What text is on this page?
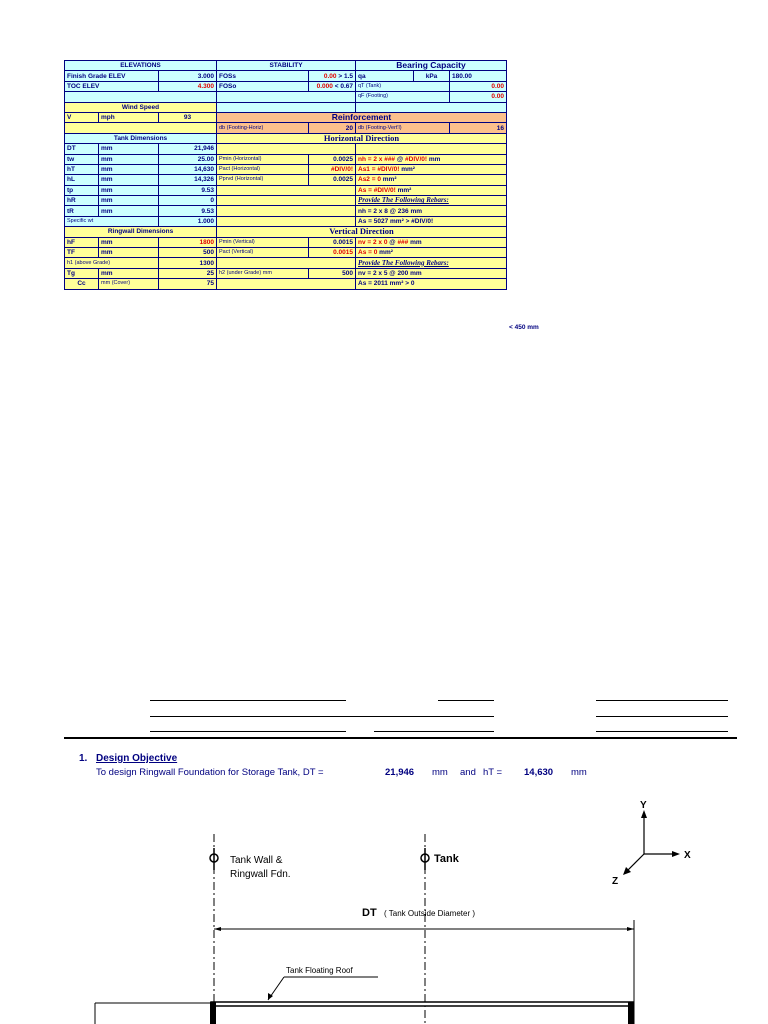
ELEVATIONS			STABILITY		Bearing Capacity		
Finish Grade ELEV		3.000	FOSs	0.00 > 1.5	qa	kPa	180.00
TOC ELEV		4.300	FOSo	0.000 < 0.67	qT (Tank)		0.00
					qF (Footing)		0.00
Wind Speed							
V	mph	93	Reinforcement				
			db (Footing-Horiz)	20	db (Footing-Vert'l)		16
Tank Dimensions			Horizontal Direction				
DT	mm	21,946					
tw	mm	25.00	Pmin (Horizontal)	0.0025	nh = 2 x ### @ #DIV/0! mm		
hT	mm	14,630	Pact (Horizontal)	#DIV/0!	As1 = #DIV/0! mm²		
hL	mm	14,326	Pprvd (Horizontal)	0.0025	As2 = 0 mm²		
tp	mm	9.53			As = #DIV/0! mm²		
hR	mm	0			Provide The Following Rebars:		
tR	mm	9.53			nh = 2 x 8 @ 236 mm		
Specific wt		1.000			As = 5027 mm² > #DIV/0!		
Ringwall Dimensions			Vertical Direction				
hF	mm	1800	Pmin (Vertical)	0.0015	nv = 2 x 0 @ ### mm		
TF	mm	500	Pact (Vertical)	0.0015	As = 0 mm²		
h1 (above Grade)		1300			Provide The Following Rebars:		
Tg	mm	25	h2 (under Grade) mm	500	nv = 2 x 5 @ 200 mm		
Cc	mm (Cover)	75			As = 2011 mm² > 0		
< 450 mm
1. Design Objective
To design Ringwall Foundation for Storage Tank, DT =	21,946 mm and hT = 14,630 mm
Tank Wall &
Ringwall Fdn.
Tank
DT ( Tank Outside Diameter )
Tank Floating Roof
Y
X
Z
